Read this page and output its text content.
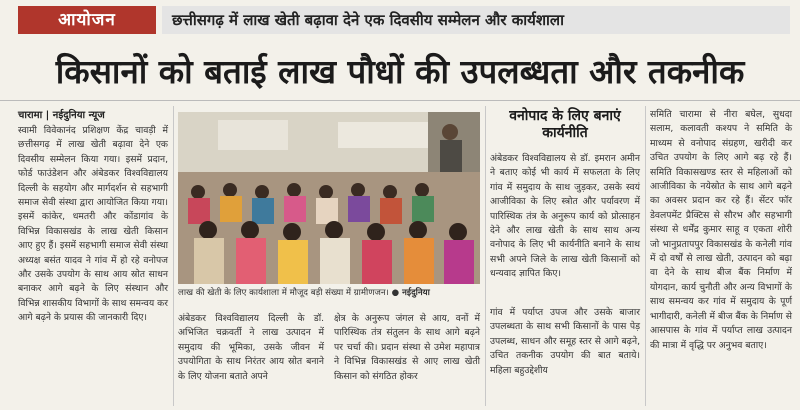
आयोजन	छत्तीसगढ़ में लाख खेती बढ़ावा देने एक दिवसीय सम्मेलन और कार्यशाला
किसानों को बताई लाख पौधों की उपलब्धता और तकनीक
चारामा | नईदुनिया न्यूज
स्वामी विवेकानंद प्रशिक्षण केंद्र चावड़ी में छत्तीसगढ़ में लाख खेती बढ़ावा देने एक दिवसीय सम्मेलन किया गया। इसमें प्रदान, फोर्ड फाउंडेशन और अंबेडकर विश्वविद्यालय दिल्ली के सहयोग और मार्गदर्शन से सहभागी समाज सेवी संस्था द्वारा आयोजित किया गया। इसमें कांकेर, धमतरी और कोंडागांव के विभिन्न विकासखंड के लाख खेती किसान आए हुए हैं। इसमें सहभागी समाज सेवी संस्था अध्यक्ष बसंत यादव ने गांव में हो रहे वनोपज और उसके उपयोग के साथ आय स्रोत साधन बनाकर आगे बढ़ने के लिए संस्थान और विभिन्न शासकीय विभागों के साथ समन्वय कर आगे बढ़ने के प्रयास की जानकारी दिए।
लाख की खेती के लिए कार्यशाला में मौजूद बड़ी संख्या में ग्रामीणजन। ● नईदुनिया
अंबेडकर विश्वविद्यालय दिल्ली के डॉ. अभिजित चक्रवर्ती ने लाख उत्पादन में समुदाय की भूमिका, उसके जीवन में उपयोगिता के साथ निरंतर आय स्रोत बनाने के लिए योजना बताते अपने
क्षेत्र के अनुरूप जंगल से आय, वनों में पारिस्थिक तंत्र संतुलन के साथ आगे बढ़ने पर चर्चा की। प्रदान संस्था से उमेश महापात्र ने विभिन्न विकासखंड से आए लाख खेती किसान को संगठित होकर
वनोपाद के लिए बनाएं कार्यनीति
अंबेडकर विश्वविद्यालय से डॉ. इमरान अमीन ने बताए कोई भी कार्य में सफलता के लिए गांव में समुदाय के साथ जुड़कर, उसके स्वयं आजीविका के लिए स्त्रोत और पर्यावरण में पारिस्थिक तंत्र के अनुरूप कार्य को प्रोत्साहन देने और लाख खेती के साथ साथ अन्य वनोपाद के लिए भी कार्यनीति बनाने के साथ सभी अपने जिले के लाख खेती किसानों को धन्यवाद ज्ञापित किए।
गांव में पर्याप्त उपज और उसके बाजार उपलब्धता के साथ सभी किसानों के पास पेड़ उपलब्ध, साधन और समूह स्तर से आगे बढ़ने, उचित तकनीक उपयोग की बात बताये। महिला बहुउद्देशीय
समिति चारामा से नीरा बघेल, सुधदा सलाम, कलावती कश्यप ने समिति के माध्यम से वनोपाद संग्रहण, खरीदी कर उचित उपयोग के लिए आगे बढ़ रहे हैं। समिति विकासखण्ड स्तर से महिलाओं को आजीविका के नयेस्रोत के साथ आगे बढ़ने का अवसर प्रदान कर रहे हैं। सेंटर फॉर डेवलपमेंट प्रैक्टिस से सौरभ और सहभागी संस्था से धर्मेंद्र कुमार साहू व एकता शोरी जो भानुप्रतापपुर विकासखंड के कनेली गांव में दो वर्षों से लाख खेती, उत्पादन को बढ़ा वा देने के साथ बीज बैंक निर्माण में योगदान, कार्य चुनौती और अन्य विभागों के साथ समन्वय कर गांव में समुदाय के पूर्ण भागीदारी, कनेली में बीज बैंक के निर्माण से आसपास के गांव में पर्याप्त लाख उत्पादन की मात्रा में वृद्धि पर अनुभव बताए।
